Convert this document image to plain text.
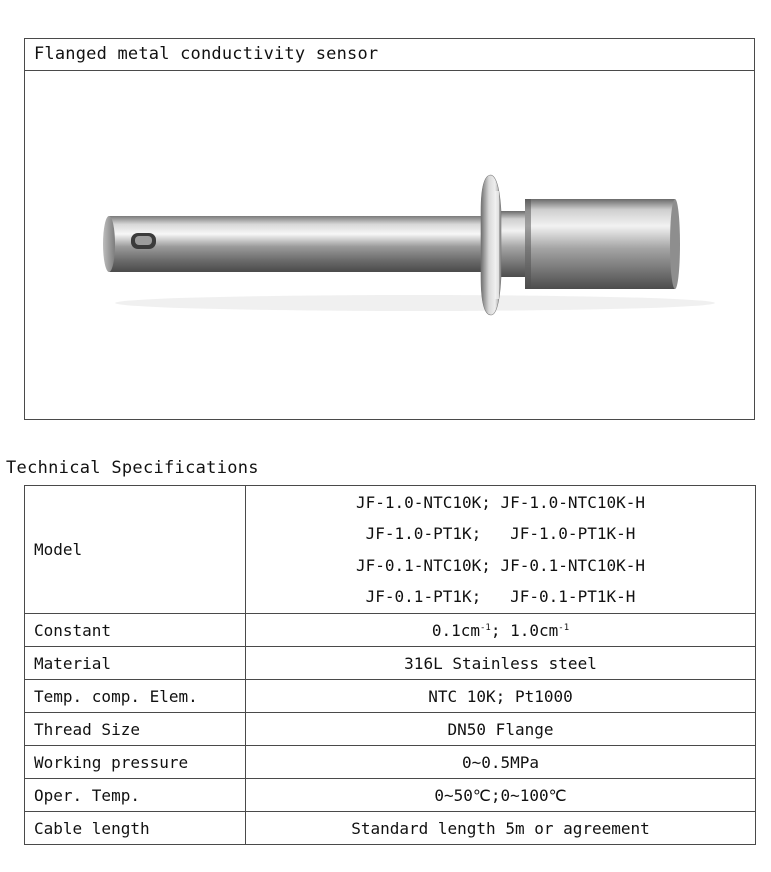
Flanged metal conductivity sensor
Technical Specifications
Model	JF-1.0-NTC10K; JF-1.0-NTC10K-H
JF-1.0-PT1K;   JF-1.0-PT1K-H
JF-0.1-NTC10K; JF-0.1-NTC10K-H
JF-0.1-PT1K;   JF-0.1-PT1K-H

Constant	$0.1cm^{-1}$; $1.0cm^{-1}$
Material	316L Stainless steel
Temp. comp. Elem.	NTC 10K; Pt1000
Thread Size	DN50 Flange
Working pressure	0~0.5MPa
Oper. Temp.	0~50℃;0~100℃
Cable length	Standard length 5m or agreement
